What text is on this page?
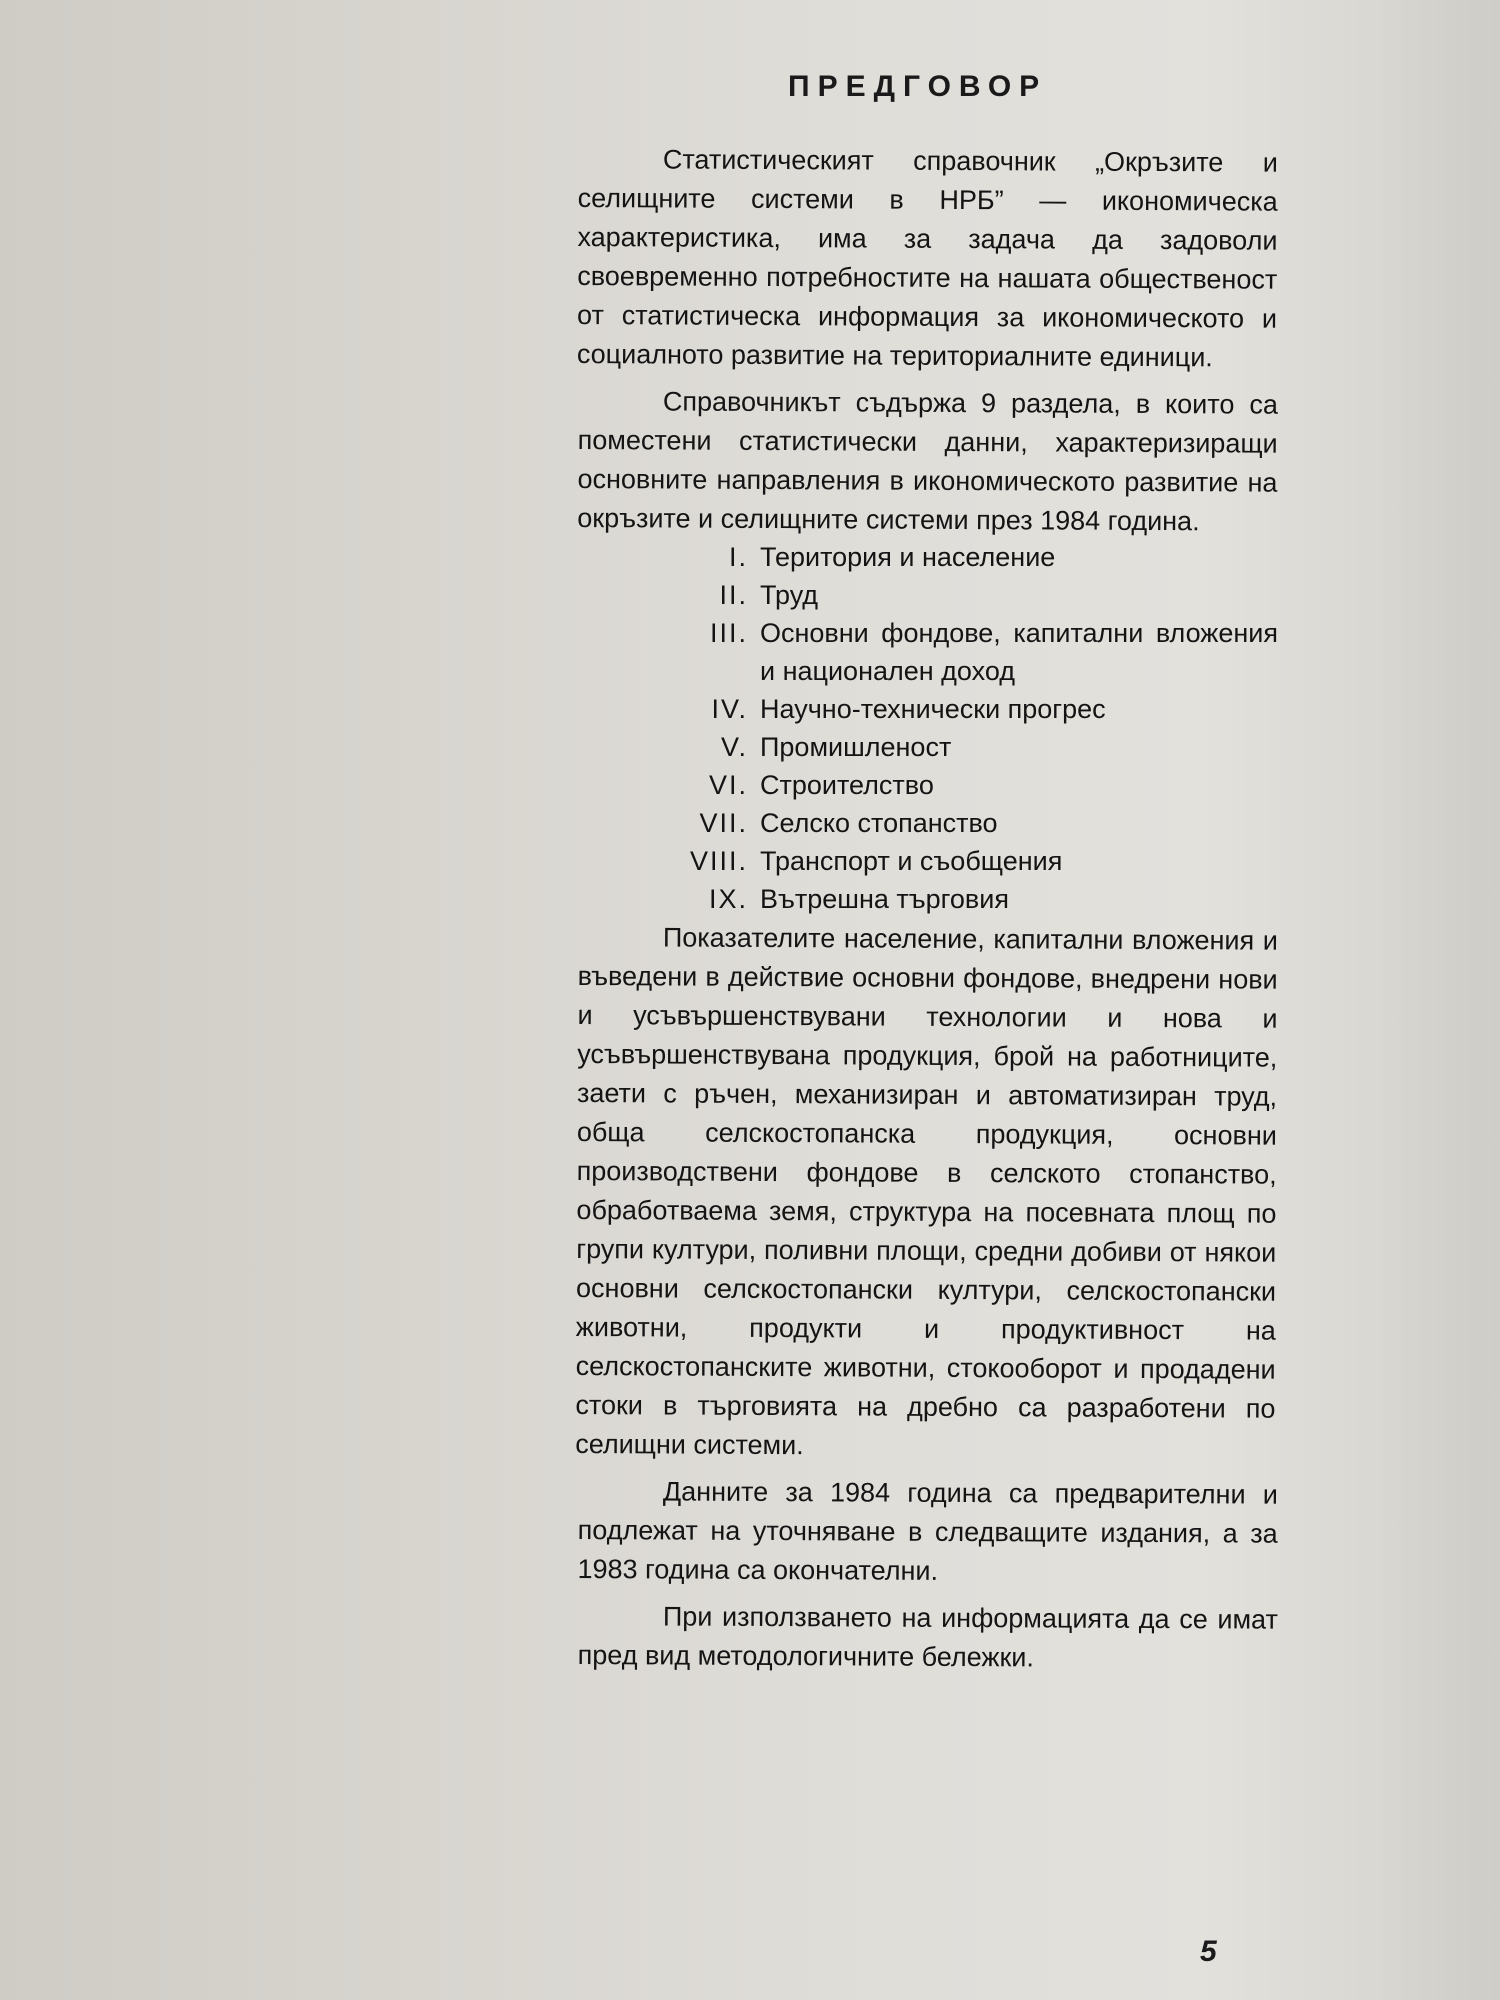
ПРЕДГОВОР

Статистическият справочник „Окръзите и селищните системи в НРБ” — икономическа характеристика, има за задача да задоволи своевременно потребностите на нашата общественост от статистическа информация за икономическото и социалното развитие на териториалните единици.

Справочникът съдържа 9 раздела, в които са поместени статистически данни, характеризиращи основните направления в икономическото развитие на окръзите и селищните системи през 1984 година.

I. Територия и население
II. Труд
III. Основни фондове, капитални вложения и национален доход
IV. Научно-технически прогрес
V. Промишленост
VI. Строителство
VII. Селско стопанство
VIII. Транспорт и съобщения
IX. Вътрешна търговия

Показателите население, капитални вложения и въведени в действие основни фондове, внедрени нови и усъвършенствувани технологии и нова и усъвършенствувана продукция, брой на работниците, заети с ръчен, механизиран и автоматизиран труд, обща селскостопанска продукция, основни производствени фондове в селското стопанство, обработваема земя, структура на посевната площ по групи култури, поливни площи, средни добиви от някои основни селскостопански култури, селскостопански животни, продукти и продуктивност на селскостопанските животни, стокооборот и продадени стоки в търговията на дребно са разработени по селищни системи.

Данните за 1984 година са предварителни и подлежат на уточняване в следващите издания, а за 1983 година са окончателни.

При използването на информацията да се имат пред вид методологичните бележки.

5
